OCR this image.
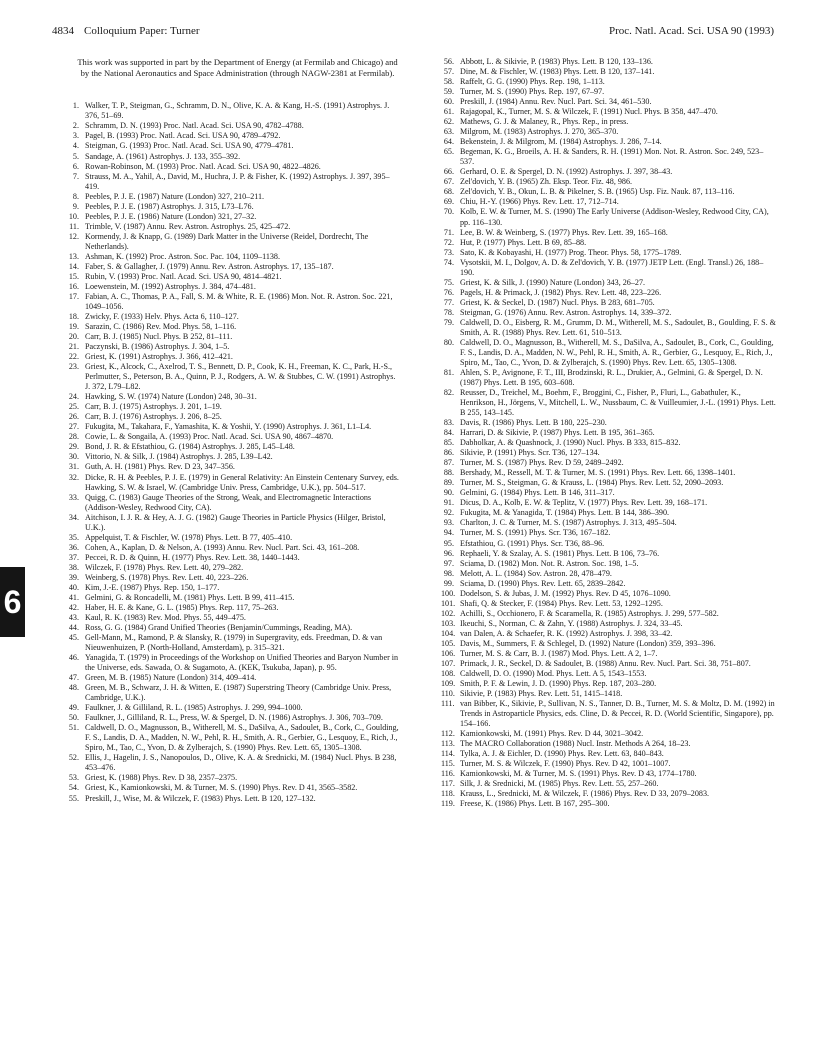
4834 Colloquium Paper: Turner	Proc. Natl. Acad. Sci. USA 90 (1993)

This work was supported in part by the Department of Energy (at Fermilab and Chicago) and by the National Aeronautics and Space Administration (through NAGW-2381 at Fermilab).

1. Walker, T. P., Steigman, G., Schramm, D. N., Olive, K. A. & Kang, H.-S. (1991) Astrophys. J. 376, 51–69.

2. Schramm, D. N. (1993) Proc. Natl. Acad. Sci. USA 90, 4782–4788.

3. Pagel, B. (1993) Proc. Natl. Acad. Sci. USA 90, 4789–4792.

4. Steigman, G. (1993) Proc. Natl. Acad. Sci. USA 90, 4779–4781.

5. Sandage, A. (1961) Astrophys. J. 133, 355–392.

6. Rowan-Robinson, M. (1993) Proc. Natl. Acad. Sci. USA 90, 4822–4826.

7. Strauss, M. A., Yahil, A., David, M., Huchra, J. P. & Fisher, K. (1992) Astrophys. J. 397, 395–419.

8. Peebles, P. J. E. (1987) Nature (London) 327, 210–211.

9. Peebles, P. J. E. (1987) Astrophys. J. 315, L73–L76.

10. Peebles, P. J. E. (1986) Nature (London) 321, 27–32.

11. Trimble, V. (1987) Annu. Rev. Astron. Astrophys. 25, 425–472.

12. Kormendy, J. & Knapp, G. (1989) Dark Matter in the Universe (Reidel, Dordrecht, The Netherlands).

13. Ashman, K. (1992) Proc. Astron. Soc. Pac. 104, 1109–1138.

14. Faber, S. & Gallagher, J. (1979) Annu. Rev. Astron. Astrophys. 17, 135–187.

15. Rubin, V. (1993) Proc. Natl. Acad. Sci. USA 90, 4814–4821.

16. Loewenstein, M. (1992) Astrophys. J. 384, 474–481.

17. Fabian, A. C., Thomas, P. A., Fall, S. M. & White, R. E. (1986) Mon. Not. R. Astron. Soc. 221, 1049–1056.

18. Zwicky, F. (1933) Helv. Phys. Acta 6, 110–127.

19. Sarazin, C. (1986) Rev. Mod. Phys. 58, 1–116.

20. Carr, B. J. (1985) Nucl. Phys. B 252, 81–111.

21. Paczynski, B. (1986) Astrophys. J. 304, 1–5.

22. Griest, K. (1991) Astrophys. J. 366, 412–421.

23. Griest, K., Alcock, C., Axelrod, T. S., Bennett, D. P., Cook, K. H., Freeman, K. C., Park, H.-S., Perlmutter, S., Peterson, B. A., Quinn, P. J., Rodgers, A. W. & Stubbes, C. W. (1991) Astrophys. J. 372, L79–L82.

24. Hawking, S. W. (1974) Nature (London) 248, 30–31.

25. Carr, B. J. (1975) Astrophys. J. 201, 1–19.

26. Carr, B. J. (1976) Astrophys. J. 206, 8–25.

27. Fukugita, M., Takahara, F., Yamashita, K. & Yoshii, Y. (1990) Astrophys. J. 361, L1–L4.

28. Cowie, L. & Songaila, A. (1993) Proc. Natl. Acad. Sci. USA 90, 4867–4870.

29. Bond, J. R. & Efstathiou, G. (1984) Astrophys. J. 285, L45–L48.

30. Vittorio, N. & Silk, J. (1984) Astrophys. J. 285, L39–L42.

31. Guth, A. H. (1981) Phys. Rev. D 23, 347–356.

32. Dicke, R. H. & Peebles, P. J. E. (1979) in General Relativity: An Einstein Centenary Survey, eds. Hawking, S. W. & Israel, W. (Cambridge Univ. Press, Cambridge, U.K.), pp. 504–517.

33. Quigg, C. (1983) Gauge Theories of the Strong, Weak, and Electromagnetic Interactions (Addison-Wesley, Redwood City, CA).

34. Aitchison, I. J. R. & Hey, A. J. G. (1982) Gauge Theories in Particle Physics (Hilger, Bristol, U.K.).

35. Appelquist, T. & Fischler, W. (1978) Phys. Lett. B 77, 405–410.

36. Cohen, A., Kaplan, D. & Nelson, A. (1993) Annu. Rev. Nucl. Part. Sci. 43, 161–208.

37. Peccei, R. D. & Quinn, H. (1977) Phys. Rev. Lett. 38, 1440–1443.

38. Wilczek, F. (1978) Phys. Rev. Lett. 40, 279–282.

39. Weinberg, S. (1978) Phys. Rev. Lett. 40, 223–226.

40. Kim, J.-E. (1987) Phys. Rep. 150, 1–177.

41. Gelmini, G. & Roncadelli, M. (1981) Phys. Lett. B 99, 411–415.

42. Haber, H. E. & Kane, G. L. (1985) Phys. Rep. 117, 75–263.

43. Kaul, R. K. (1983) Rev. Mod. Phys. 55, 449–475.

44. Ross, G. G. (1984) Grand Unified Theories (Benjamin/Cummings, Reading, MA).

45. Gell-Mann, M., Ramond, P. & Slansky, R. (1979) in Supergravity, eds. Freedman, D. & van Nieuwenhuizen, P. (North-Holland, Amsterdam), p. 315–321.

46. Yanagida, T. (1979) in Proceedings of the Workshop on Unified Theories and Baryon Number in the Universe, eds. Sawada, O. & Sugamoto, A. (KEK, Tsukuba, Japan), p. 95.

47. Green, M. B. (1985) Nature (London) 314, 409–414.

48. Green, M. B., Schwarz, J. H. & Witten, E. (1987) Superstring Theory (Cambridge Univ. Press, Cambridge, U.K.).

49. Faulkner, J. & Gilliland, R. L. (1985) Astrophys. J. 299, 994–1000.

50. Faulkner, J., Gilliland, R. L., Press, W. & Spergel, D. N. (1986) Astrophys. J. 306, 703–709.

51. Caldwell, D. O., Magnusson, B., Witherell, M. S., DaSilva, A., Sadoulet, B., Cork, C., Goulding, F. S., Landis, D. A., Madden, N. W., Pehl, R. H., Smith, A. R., Gerbier, G., Lesquoy, E., Rich, J., Spiro, M., Tao, C., Yvon, D. & Zylberajch, S. (1990) Phys. Rev. Lett. 65, 1305–1308.

52. Ellis, J., Hagelin, J. S., Nanopoulos, D., Olive, K. A. & Srednicki, M. (1984) Nucl. Phys. B 238, 453–476.

53. Griest, K. (1988) Phys. Rev. D 38, 2357–2375.

54. Griest, K., Kamionkowski, M. & Turner, M. S. (1990) Phys. Rev. D 41, 3565–3582.

55. Preskill, J., Wise, M. & Wilczek, F. (1983) Phys. Lett. B 120, 127–132.

56. Abbott, L. & Sikivie, P. (1983) Phys. Lett. B 120, 133–136.

57. Dine, M. & Fischler, W. (1983) Phys. Lett. B 120, 137–141.

58. Raffelt, G. G. (1990) Phys. Rep. 198, 1–113.

59. Turner, M. S. (1990) Phys. Rep. 197, 67–97.

60. Preskill, J. (1984) Annu. Rev. Nucl. Part. Sci. 34, 461–530.

61. Rajagopal, K., Turner, M. S. & Wilczek, F. (1991) Nucl. Phys. B 358, 447–470.

62. Mathews, G. J. & Malaney, R., Phys. Rep., in press.

63. Milgrom, M. (1983) Astrophys. J. 270, 365–370.

64. Bekenstein, J. & Milgrom, M. (1984) Astrophys. J. 286, 7–14.

65. Begeman, K. G., Broeils, A. H. & Sanders, R. H. (1991) Mon. Not. R. Astron. Soc. 249, 523–537.

66. Gerhard, O. E. & Spergel, D. N. (1992) Astrophys. J. 397, 38–43.

67. Zel'dovich, Y. B. (1965) Zh. Eksp. Teor. Fiz. 48, 986.

68. Zel'dovich, Y. B., Okun, L. B. & Pikelner, S. B. (1965) Usp. Fiz. Nauk. 87, 113–116.

69. Chiu, H.-Y. (1966) Phys. Rev. Lett. 17, 712–714.

70. Kolb, E. W. & Turner, M. S. (1990) The Early Universe (Addison-Wesley, Redwood City, CA), pp. 116–130.

71. Lee, B. W. & Weinberg, S. (1977) Phys. Rev. Lett. 39, 165–168.

72. Hut, P. (1977) Phys. Lett. B 69, 85–88.

73. Sato, K. & Kobayashi, H. (1977) Prog. Theor. Phys. 58, 1775–1789.

74. Vysotskii, M. I., Dolgov, A. D. & Zel'dovich, Y. B. (1977) JETP Lett. (Engl. Transl.) 26, 188–190.

75. Griest, K. & Silk, J. (1990) Nature (London) 343, 26–27.

76. Pagels, H. & Primack, J. (1982) Phys. Rev. Lett. 48, 223–226.

77. Griest, K. & Seckel, D. (1987) Nucl. Phys. B 283, 681–705.

78. Steigman, G. (1976) Annu. Rev. Astron. Astrophys. 14, 339–372.

79. Caldwell, D. O., Eisberg, R. M., Grumm, D. M., Witherell, M. S., Sadoulet, B., Goulding, F. S. & Smith, A. R. (1988) Phys. Rev. Lett. 61, 510–513.

80. Caldwell, D. O., Magnusson, B., Witherell, M. S., DaSilva, A., Sadoulet, B., Cork, C., Goulding, F. S., Landis, D. A., Madden, N. W., Pehl, R. H., Smith, A. R., Gerbier, G., Lesquoy, E., Rich, J., Spiro, M., Tao, C., Yvon, D. & Zylberajch, S. (1990) Phys. Rev. Lett. 65, 1305–1308.

81. Ahlen, S. P., Avignone, F. T., III, Brodzinski, R. L., Drukier, A., Gelmini, G. & Spergel, D. N. (1987) Phys. Lett. B 195, 603–608.

82. Reusser, D., Treichel, M., Boehm, F., Broggini, C., Fisher, P., Fluri, L., Gabathuler, K., Henrikson, H., Jörgens, V., Mitchell, L. W., Nussbaum, C. & Vuilleumier, J.-L. (1991) Phys. Lett. B 255, 143–145.

83. Davis, R. (1986) Phys. Lett. B 180, 225–230.

84. Harrari, D. & Sikivie, P. (1987) Phys. Lett. B 195, 361–365.

85. Dabholkar, A. & Quashnock, J. (1990) Nucl. Phys. B 333, 815–832.

86. Sikivie, P. (1991) Phys. Scr. T36, 127–134.

87. Turner, M. S. (1987) Phys. Rev. D 59, 2489–2492.

88. Bershady, M., Ressell, M. T. & Turner, M. S. (1991) Phys. Rev. Lett. 66, 1398–1401.

89. Turner, M. S., Steigman, G. & Krauss, L. (1984) Phys. Rev. Lett. 52, 2090–2093.

90. Gelmini, G. (1984) Phys. Lett. B 146, 311–317.

91. Dicus, D. A., Kolb, E. W. & Teplitz, V. (1977) Phys. Rev. Lett. 39, 168–171.

92. Fukugita, M. & Yanagida, T. (1984) Phys. Lett. B 144, 386–390.

93. Charlton, J. C. & Turner, M. S. (1987) Astrophys. J. 313, 495–504.

94. Turner, M. S. (1991) Phys. Scr. T36, 167–182.

95. Efstathiou, G. (1991) Phys. Scr. T36, 88–96.

96. Rephaeli, Y. & Szalay, A. S. (1981) Phys. Lett. B 106, 73–76.

97. Sciama, D. (1982) Mon. Not. R. Astron. Soc. 198, 1–5.

98. Melott, A. L. (1984) Sov. Astron. 28, 478–479.

99. Sciama, D. (1990) Phys. Rev. Lett. 65, 2839–2842.

100. Dodelson, S. & Jubas, J. M. (1992) Phys. Rev. D 45, 1076–1090.

101. Shafi, Q. & Stecker, F. (1984) Phys. Rev. Lett. 53, 1292–1295.

102. Achilli, S., Occhionero, F. & Scaramella, R. (1985) Astrophys. J. 299, 577–582.

103. Ikeuchi, S., Norman, C. & Zahn, Y. (1988) Astrophys. J. 324, 33–45.

104. van Dalen, A. & Schaefer, R. K. (1992) Astrophys. J. 398, 33–42.

105. Davis, M., Summers, F. & Schlegel, D. (1992) Nature (London) 359, 393–396.

106. Turner, M. S. & Carr, B. J. (1987) Mod. Phys. Lett. A 2, 1–7.

107. Primack, J. R., Seckel, D. & Sadoulet, B. (1988) Annu. Rev. Nucl. Part. Sci. 38, 751–807.

108. Caldwell, D. O. (1990) Mod. Phys. Lett. A 5, 1543–1553.

109. Smith, P. F. & Lewin, J. D. (1990) Phys. Rep. 187, 203–280.

110. Sikivie, P. (1983) Phys. Rev. Lett. 51, 1415–1418.

111. van Bibber, K., Sikivie, P., Sullivan, N. S., Tanner, D. B., Turner, M. S. & Moltz, D. M. (1992) in Trends in Astroparticle Physics, eds. Cline, D. & Peccei, R. D. (World Scientific, Singapore), pp. 154–166.

112. Kamionkowski, M. (1991) Phys. Rev. D 44, 3021–3042.

113. The MACRO Collaboration (1988) Nucl. Instr. Methods A 264, 18–23.

114. Tylka, A. J. & Eichler, D. (1990) Phys. Rev. Lett. 63, 840–843.

115. Turner, M. S. & Wilczek, F. (1990) Phys. Rev. D 42, 1001–1007.

116. Kamionkowski, M. & Turner, M. S. (1991) Phys. Rev. D 43, 1774–1780.

117. Silk, J. & Srednicki, M. (1985) Phys. Rev. Lett. 55, 257–260.

118. Krauss, L., Srednicki, M. & Wilczek, F. (1986) Phys. Rev. D 33, 2079–2083.

119. Freese, K. (1986) Phys. Lett. B 167, 295–300.

6
